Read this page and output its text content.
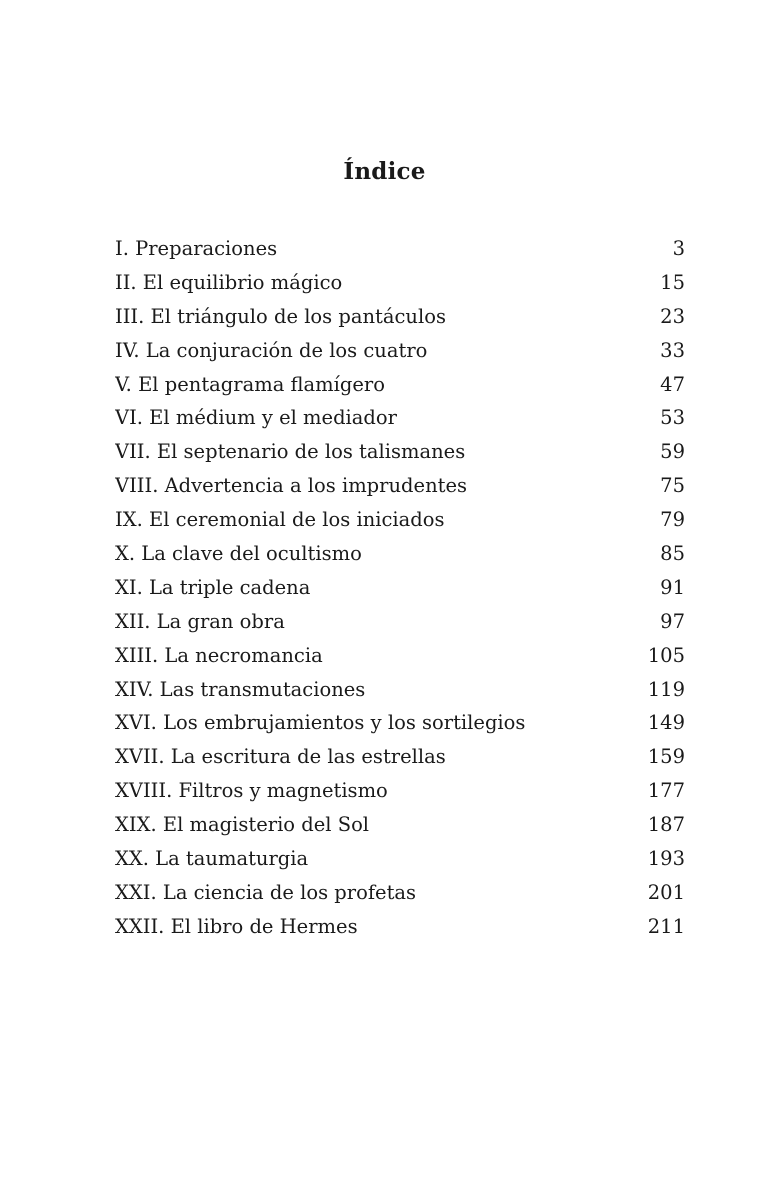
Índice
I. Preparaciones	3
II. El equilibrio mágico	15
III. El triángulo de los pantáculos	23
IV. La conjuración de los cuatro	33
V. El pentagrama flamígero	47
VI. El médium y el mediador	53
VII. El septenario de los talismanes	59
VIII. Advertencia a los imprudentes	75
IX. El ceremonial de los iniciados	79
X. La clave del ocultismo	85
XI. La triple cadena	91
XII. La gran obra	97
XIII. La necromancia	105
XIV. Las transmutaciones	119
XVI. Los embrujamientos y los sortilegios	149
XVII. La escritura de las estrellas	159
XVIII. Filtros y magnetismo	177
XIX. El magisterio del Sol	187
XX. La taumaturgia	193
XXI. La ciencia de los profetas	201
XXII. El libro de Hermes	211
